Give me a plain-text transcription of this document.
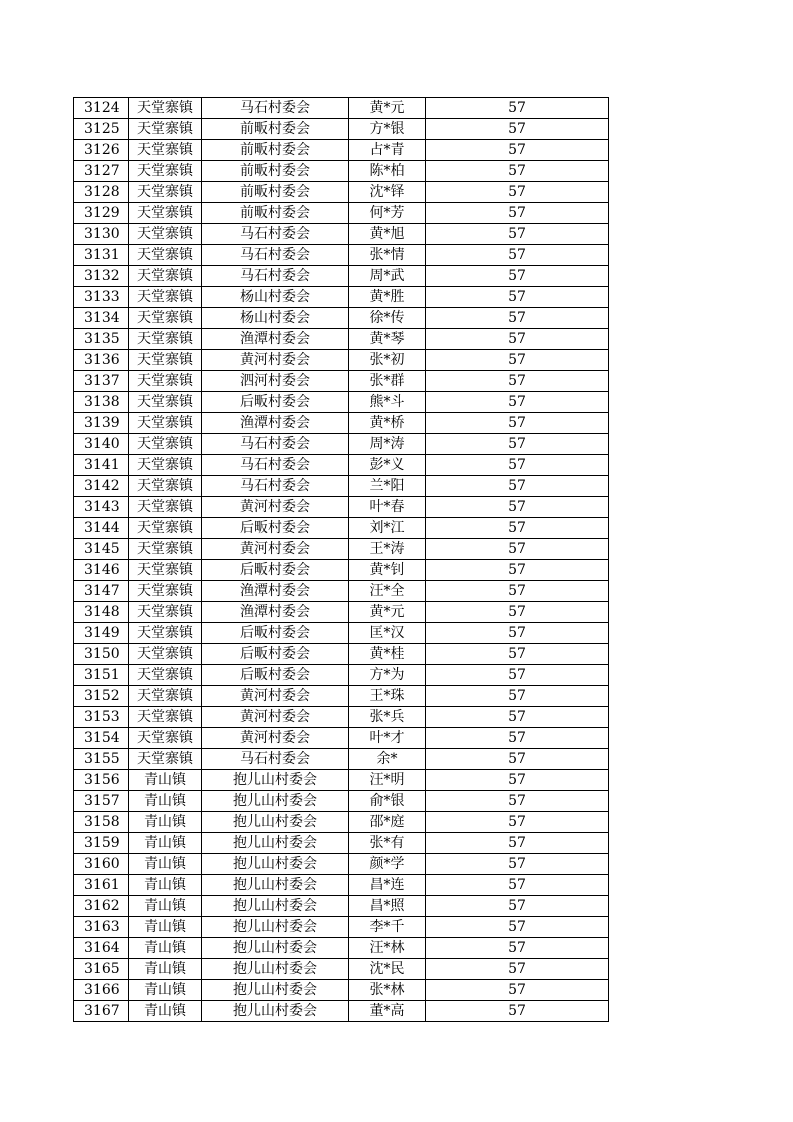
3124	天堂寨镇	马石村委会	黄*元	57
3125	天堂寨镇	前畈村委会	方*银	57
3126	天堂寨镇	前畈村委会	占*青	57
3127	天堂寨镇	前畈村委会	陈*柏	57
3128	天堂寨镇	前畈村委会	沈*铎	57
3129	天堂寨镇	前畈村委会	何*芳	57
3130	天堂寨镇	马石村委会	黄*旭	57
3131	天堂寨镇	马石村委会	张*情	57
3132	天堂寨镇	马石村委会	周*武	57
3133	天堂寨镇	杨山村委会	黄*胜	57
3134	天堂寨镇	杨山村委会	徐*传	57
3135	天堂寨镇	渔潭村委会	黄*琴	57
3136	天堂寨镇	黄河村委会	张*初	57
3137	天堂寨镇	泗河村委会	张*群	57
3138	天堂寨镇	后畈村委会	熊*斗	57
3139	天堂寨镇	渔潭村委会	黄*桥	57
3140	天堂寨镇	马石村委会	周*涛	57
3141	天堂寨镇	马石村委会	彭*义	57
3142	天堂寨镇	马石村委会	兰*阳	57
3143	天堂寨镇	黄河村委会	叶*春	57
3144	天堂寨镇	后畈村委会	刘*江	57
3145	天堂寨镇	黄河村委会	王*涛	57
3146	天堂寨镇	后畈村委会	黄*钊	57
3147	天堂寨镇	渔潭村委会	汪*全	57
3148	天堂寨镇	渔潭村委会	黄*元	57
3149	天堂寨镇	后畈村委会	匡*汉	57
3150	天堂寨镇	后畈村委会	黄*桂	57
3151	天堂寨镇	后畈村委会	方*为	57
3152	天堂寨镇	黄河村委会	王*珠	57
3153	天堂寨镇	黄河村委会	张*兵	57
3154	天堂寨镇	黄河村委会	叶*才	57
3155	天堂寨镇	马石村委会	余*	57
3156	青山镇	抱儿山村委会	汪*明	57
3157	青山镇	抱儿山村委会	俞*银	57
3158	青山镇	抱儿山村委会	邵*庭	57
3159	青山镇	抱儿山村委会	张*有	57
3160	青山镇	抱儿山村委会	颜*学	57
3161	青山镇	抱儿山村委会	昌*连	57
3162	青山镇	抱儿山村委会	昌*照	57
3163	青山镇	抱儿山村委会	李*千	57
3164	青山镇	抱儿山村委会	汪*林	57
3165	青山镇	抱儿山村委会	沈*民	57
3166	青山镇	抱儿山村委会	张*林	57
3167	青山镇	抱儿山村委会	董*高	57
